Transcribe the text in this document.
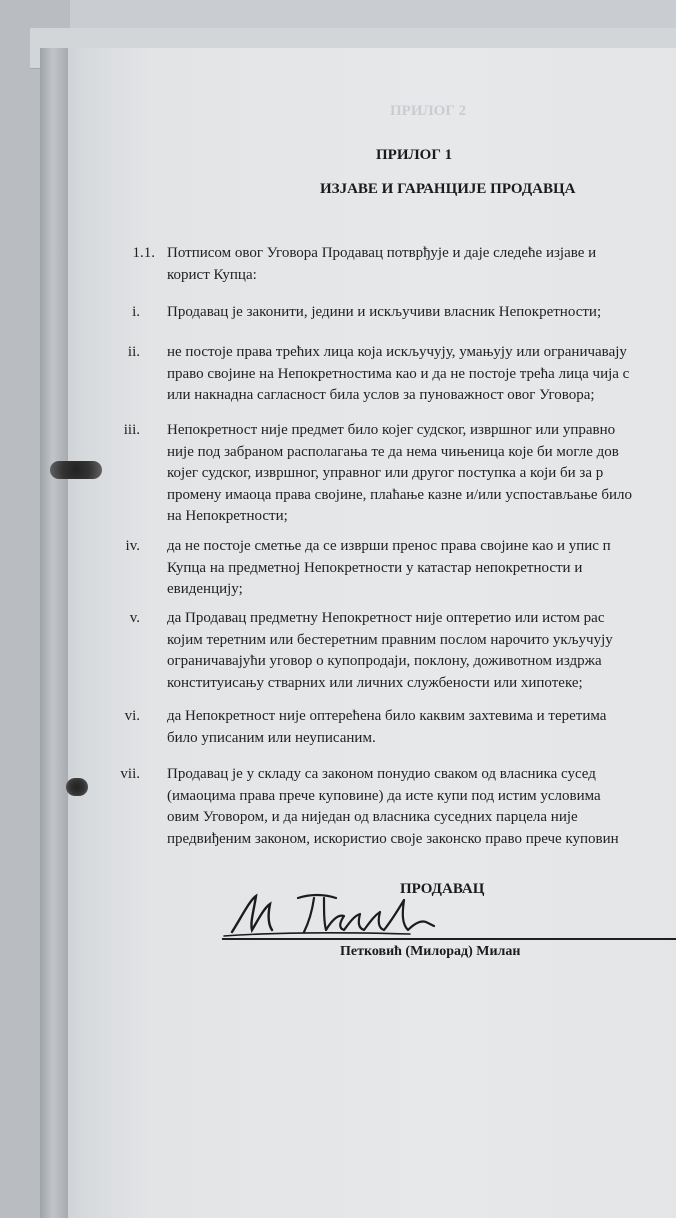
ПРИЛОГ 2
ПРИЛОГ 1
ИЗЈАВЕ И ГАРАНЦИЈЕ ПРОДАВЦА
1.1. Потписом овог Уговора Продавац потврђује и даје следеће изјаве и
корист Купца:
i. Продавац је законити, једини и искључиви власник Непокретности;
ii. не постоје права трећих лица која искључују, умањују или ограничавају
право својине на Непокретностима као и да не постоје трећа лица чија с
или накнадна сагласност била услов за пуноважност овог Уговора;
iii. Непокретност није предмет било којег судског, извршног или управно
није под забраном располагања те да нема чињеница које би могле дов
којег судског, извршног, управног или другог поступка а који би за р
промену имаоца права својине, плаћање казне и/или успостављање било
на Непокретности;
iv. да не постоје сметње да се изврши пренос права својине као и упис п
Купца на предметној Непокретности у катастар непокретности и
евиденцију;
v. да Продавац предметну Непокретност није оптеретио или истом рас
којим теретним или бестеретним правним послом нарочито укључују
ограничавајући уговор о купопродаји, поклону, доживотном издржа
конституисању стварних или личних службености или хипотеке;
vi. да Непокретност није оптерећена било каквим захтевима и теретима
било уписаним или неуписаним.
vii. Продавац је у складу са законом понудио сваком од власника сусед
(имаоцима права прече куповине) да исте купи под истим условима
овим Уговором, и да ниједан од власника суседних парцела није
предвиђеним законом, искористио своје законско право прече куповин
ПРОДАВАЦ
Петковић (Милорад) Милан
